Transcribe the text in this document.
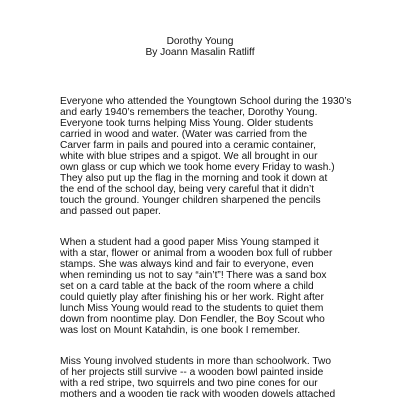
Dorothy Young
By Joann Masalin Ratliff
Everyone who attended the Youngtown School during the 1930’s
and early 1940’s remembers the teacher, Dorothy Young.
Everyone took turns helping Miss Young. Older students
carried in wood and water. (Water was carried from the
Carver farm in pails and poured into a ceramic container,
white with blue stripes and a spigot. We all brought in our
own glass or cup which we took home every Friday to wash.)
They also put up the flag in the morning and took it down at
the end of the school day, being very careful that it didn’t
touch the ground. Younger children sharpened the pencils
and passed out paper.
When a student had a good paper Miss Young stamped it
with a star, flower or animal from a wooden box full of rubber
stamps. She was always kind and fair to everyone, even
when reminding us not to say “ain’t”! There was a sand box
set on a card table at the back of the room where a child
could quietly play after finishing his or her work. Right after
lunch Miss Young would read to the students to quiet them
down from noontime play. Don Fendler, the Boy Scout who
was lost on Mount Katahdin, is one book I remember.
Miss Young involved students in more than schoolwork. Two
of her projects still survive -- a wooden bowl painted inside
with a red stripe, two squirrels and two pine cones for our
mothers and a wooden tie rack with wooden dowels attached
